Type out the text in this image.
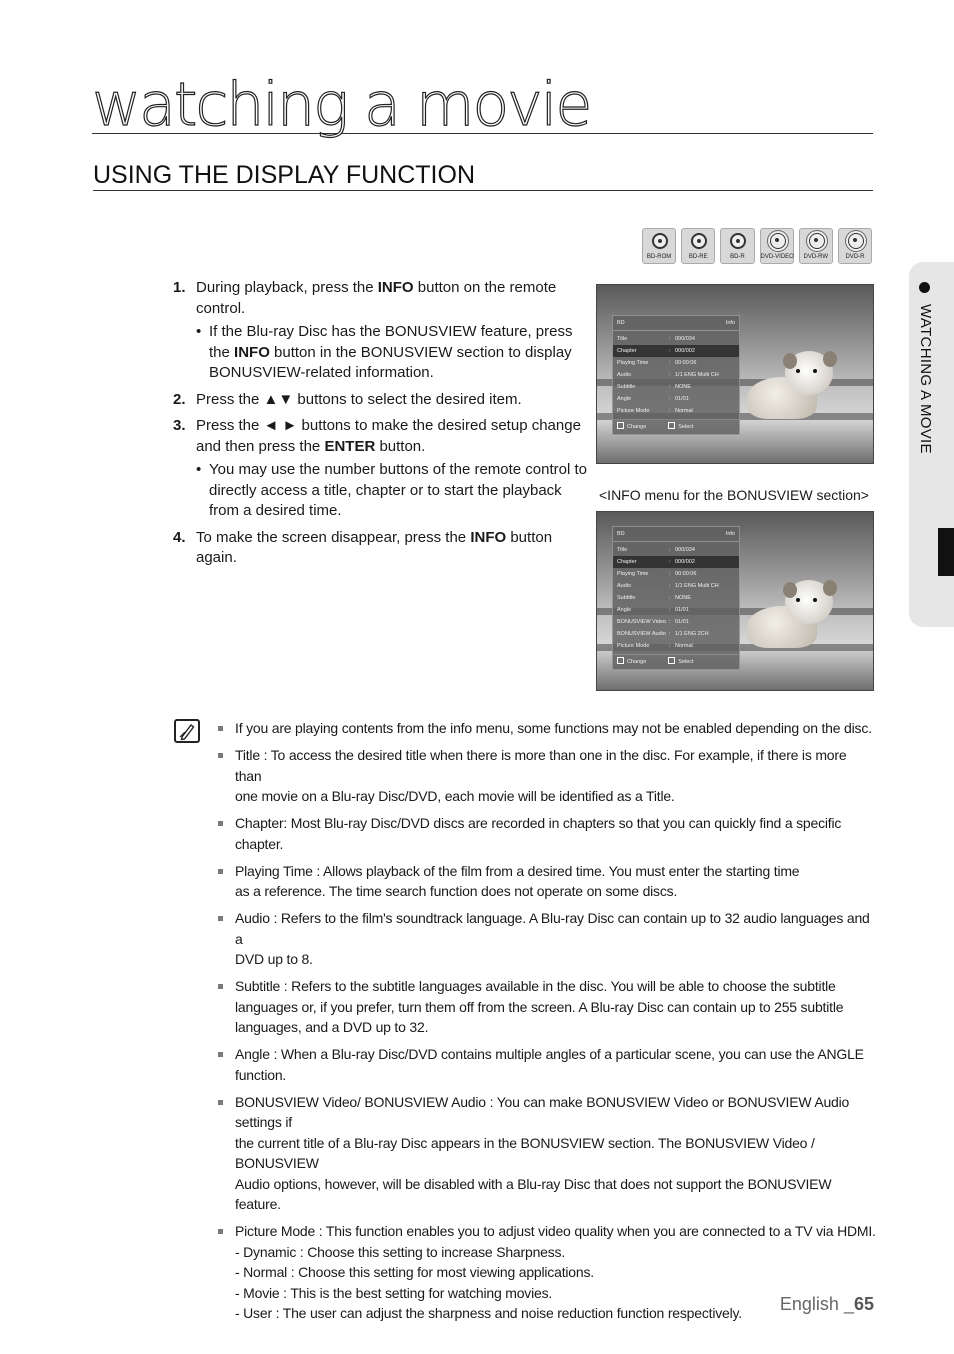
watching a movie
USING THE DISPLAY FUNCTION
BD-ROM	BD-RE	BD-R	DVD-VIDEO	DVD-RW	DVD-R
1. During playback, press the INFO button on the remote control.
• If the Blu-ray Disc has the BONUSVIEW feature, press the INFO button in the BONUSVIEW section to display BONUSVIEW-related information.
2. Press the ▲▼ buttons to select the desired item.
3. Press the ◄ ► buttons to make the desired setup change and then press the ENTER button.
• You may use the number buttons of the remote control to directly access a title, chapter or to start the playback from a desired time.
4. To make the screen disappear, press the INFO button again.
BD	Info
Title	: 000/034
Chapter	: 000/002
Playing Time	: 00:00:06
Audio	: 1/1 ENG Multi CH
Subtitle	: NONE
Angle	: 01/01
Picture Mode	: Normal
Change	Select
<INFO menu for the BONUSVIEW section>
BD	Info
Title	: 000/034
Chapter	: 000/002
Playing Time	: 00:00:06
Audio	: 1/1 ENG Multi CH
Subtitle	: NONE
Angle	: 01/01
BONUSVIEW Video : 01/01
BONUSVIEW Audio : 1/1 ENG 2CH
Picture Mode	: Normal
Change	Select
WATCHING A MOVIE
If you are playing contents from the info menu, some functions may not be enabled depending on the disc.
Title : To access the desired title when there is more than one in the disc. For example, if there is more than
one movie on a Blu-ray Disc/DVD, each movie will be identified as a Title.
Chapter: Most Blu-ray Disc/DVD discs are recorded in chapters so that you can quickly find a specific
chapter.
Playing Time : Allows playback of the film from a desired time. You must enter the starting time
as a reference. The time search function does not operate on some discs.
Audio : Refers to the film's soundtrack language. A Blu-ray Disc can contain up to 32 audio languages and a
DVD up to 8.
Subtitle : Refers to the subtitle languages available in the disc. You will be able to choose the subtitle
languages or, if you prefer, turn them off from the screen. A Blu-ray Disc can contain up to 255 subtitle
languages, and a DVD up to 32.
Angle : When a Blu-ray Disc/DVD contains multiple angles of a particular scene, you can use the ANGLE
function.
BONUSVIEW Video/ BONUSVIEW Audio : You can make BONUSVIEW Video or BONUSVIEW Audio settings if
the current title of a Blu-ray Disc appears in the BONUSVIEW section. The BONUSVIEW Video / BONUSVIEW
Audio options, however, will be disabled with a Blu-ray Disc that does not support the BONUSVIEW feature.
Picture Mode : This function enables you to adjust video quality when you are connected to a TV via HDMI.
- Dynamic : Choose this setting to increase Sharpness.
- Normal : Choose this setting for most viewing applications.
- Movie : This is the best setting for watching movies.
- User : The user can adjust the sharpness and noise reduction function respectively.	English _65
